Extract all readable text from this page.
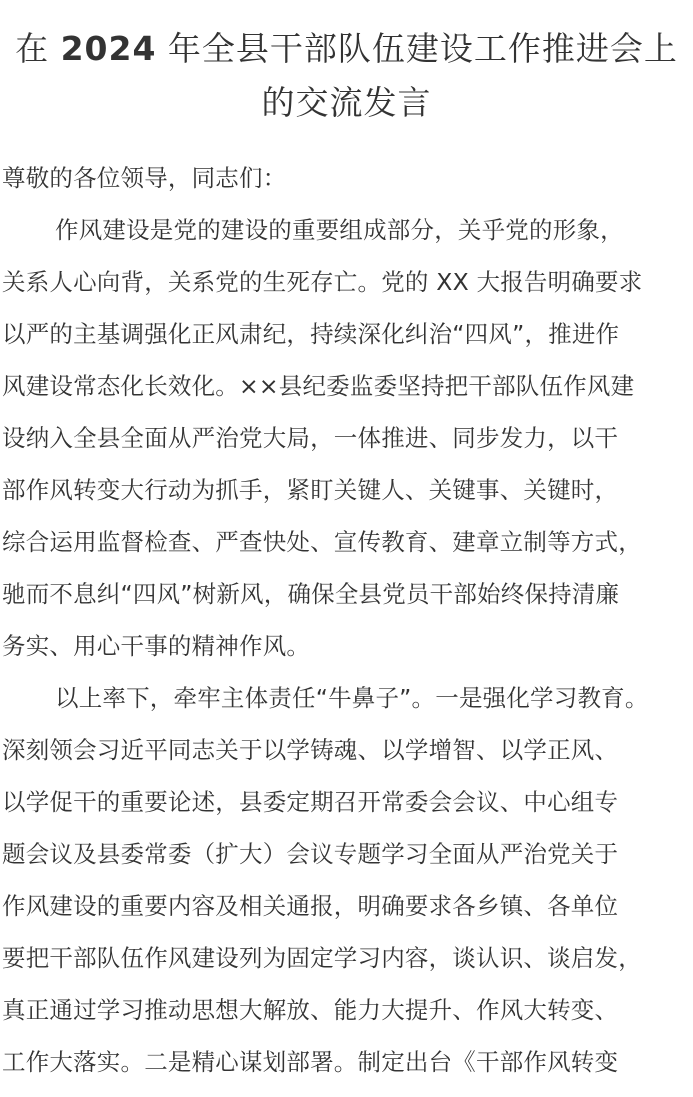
在 2024 年全县干部队伍建设工作推进会上
的交流发言
尊敬的各位领导，同志们：
作风建设是党的建设的重要组成部分，关乎党的形象，
关系人心向背，关系党的生死存亡。党的 XX 大报告明确要求
以严的主基调强化正风肃纪，持续深化纠治“四风”，推进作
风建设常态化长效化。××县纪委监委坚持把干部队伍作风建
设纳入全县全面从严治党大局，一体推进、同步发力，以干
部作风转变大行动为抓手，紧盯关键人、关键事、关键时，
综合运用监督检查、严查快处、宣传教育、建章立制等方式，
驰而不息纠“四风”树新风，确保全县党员干部始终保持清廉
务实、用心干事的精神作风。
以上率下，牵牢主体责任“牛鼻子”。一是强化学习教育。
深刻领会习近平同志关于以学铸魂、以学增智、以学正风、
以学促干的重要论述，县委定期召开常委会会议、中心组专
题会议及县委常委（扩大）会议专题学习全面从严治党关于
作风建设的重要内容及相关通报，明确要求各乡镇、各单位
要把干部队伍作风建设列为固定学习内容，谈认识、谈启发，
真正通过学习推动思想大解放、能力大提升、作风大转变、
工作大落实。二是精心谋划部署。制定出台《干部作风转变
